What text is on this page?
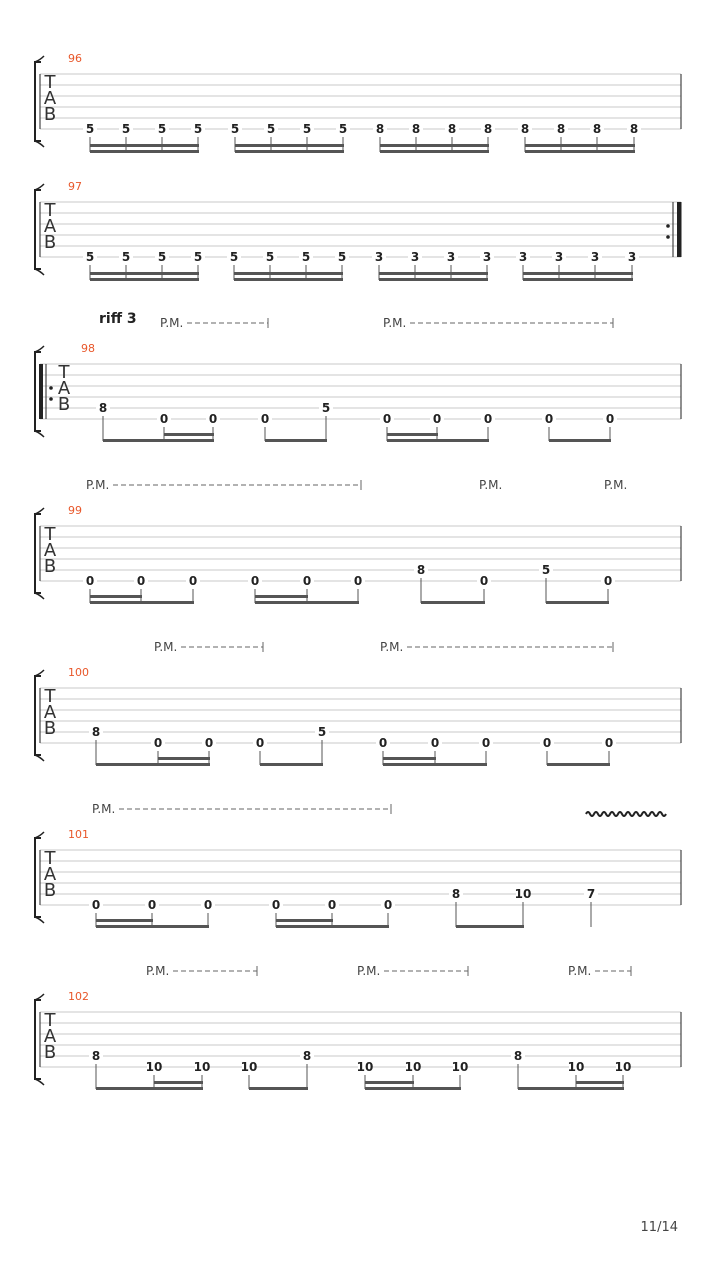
T
A
B
96
5 5 5 5 5 5 5 5 8 8 8 8 8 8 8 8
T
A
B
97
5 5 5 5 5 5 5 5 3 3 3 3 3 3 3 3
T
A
B
98
riff 3 P.M.	P.M.
8
0	0	0
5
0	0	0	0	0
T
A
B
99
P.M.	P.M.	P.M.
0	0	0	0	0	0
8
0
5
0
T
A
B
100
P.M.	P.M.
8
0	0	0
5
0	0	0	0	0
T
A
B
101
P.M.
0	0	0	0	0	0
8	10	7
T
A
B
102
P.M.	P.M.	P.M.
8
10	10	10
8
10	10	10
8
10	10
11/14
